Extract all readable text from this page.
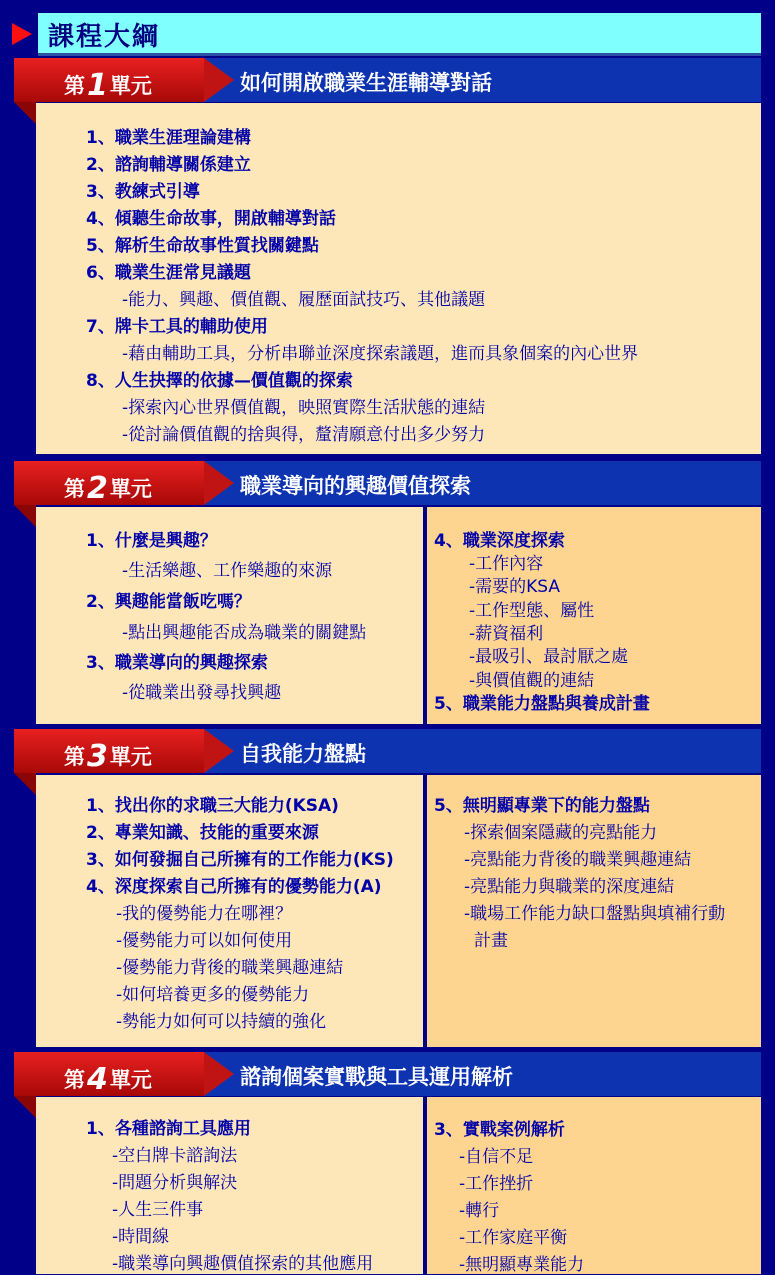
課程大綱
第1單元	如何開啟職業生涯輔導對話
1、職業生涯理論建構
2、諮詢輔導關係建立
3、教練式引導
4、傾聽生命故事，開啟輔導對話
5、解析生命故事性質找關鍵點
6、職業生涯常見議題
-能力、興趣、價值觀、履歷面試技巧、其他議題
7、牌卡工具的輔助使用
-藉由輔助工具，分析串聯並深度探索議題，進而具象個案的內心世界
8、人生抉擇的依據—價值觀的探索
-探索內心世界價值觀，映照實際生活狀態的連結
-從討論價值觀的捨與得，釐清願意付出多少努力
第2單元	職業導向的興趣價值探索
1、什麼是興趣？
-生活樂趣、工作樂趣的來源
2、興趣能當飯吃嗎？
-點出興趣能否成為職業的關鍵點
3、職業導向的興趣探索
-從職業出發尋找興趣
4、職業深度探索
-工作內容
-需要的KSA
-工作型態、屬性
-薪資福利
-最吸引、最討厭之處
-與價值觀的連結
5、職業能力盤點與養成計畫
第3單元	自我能力盤點
1、找出你的求職三大能力(KSA)
2、專業知識、技能的重要來源
3、如何發掘自己所擁有的工作能力(KS)
4、深度探索自己所擁有的優勢能力(A)
-我的優勢能力在哪裡？
-優勢能力可以如何使用
-優勢能力背後的職業興趣連結
-如何培養更多的優勢能力
-勢能力如何可以持續的強化
5、無明顯專業下的能力盤點
-探索個案隱藏的亮點能力
-亮點能力背後的職業興趣連結
-亮點能力與職業的深度連結
-職場工作能力缺口盤點與填補行動
計畫
第4單元	諮詢個案實戰與工具運用解析
1、各種諮詢工具應用
-空白牌卡諮詢法
-問題分析與解決
-人生三件事
-時間線
-職業導向興趣價值探索的其他應用
3、實戰案例解析
-自信不足
-工作挫折
-轉行
-工作家庭平衡
-無明顯專業能力
